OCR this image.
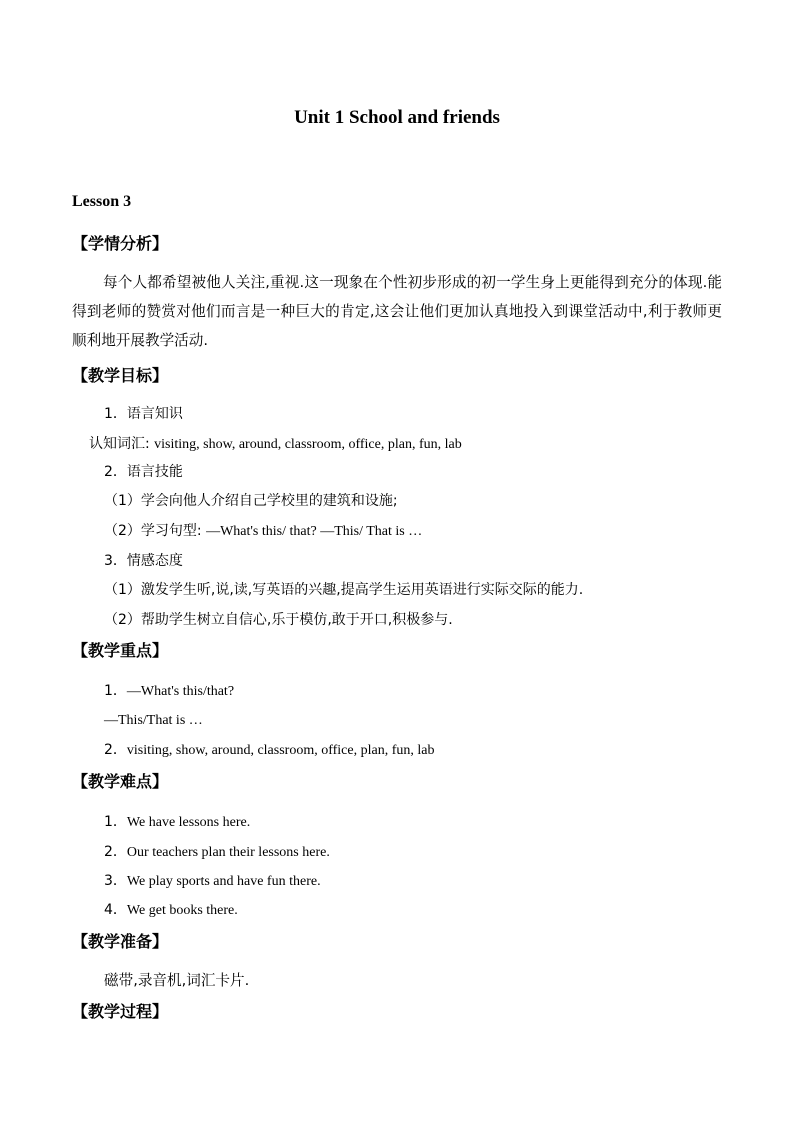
Unit 1 School and friends
Lesson 3
【学情分析】
每个人都希望被他人关注,重视.这一现象在个性初步形成的初一学生身上更能得到充分的体现.能得到老师的赞赏对他们而言是一种巨大的肯定,这会让他们更加认真地投入到课堂活动中,利于教师更顺利地开展教学活动.
【教学目标】
1．语言知识
认知词汇: visiting, show, around, classroom, office, plan, fun, lab
2．语言技能
（1）学会向他人介绍自己学校里的建筑和设施;
（2）学习句型: —What's this/ that? —This/ That is …
3．情感态度
（1）激发学生听,说,读,写英语的兴趣,提高学生运用英语进行实际交际的能力.
（2）帮助学生树立自信心,乐于模仿,敢于开口,积极参与.
【教学重点】
1．—What's this/that?
—This/That is …
2．visiting, show, around, classroom, office, plan, fun, lab
【教学难点】
1．We have lessons here.
2．Our teachers plan their lessons here.
3．We play sports and have fun there.
4．We get books there.
【教学准备】
磁带,录音机,词汇卡片.
【教学过程】
